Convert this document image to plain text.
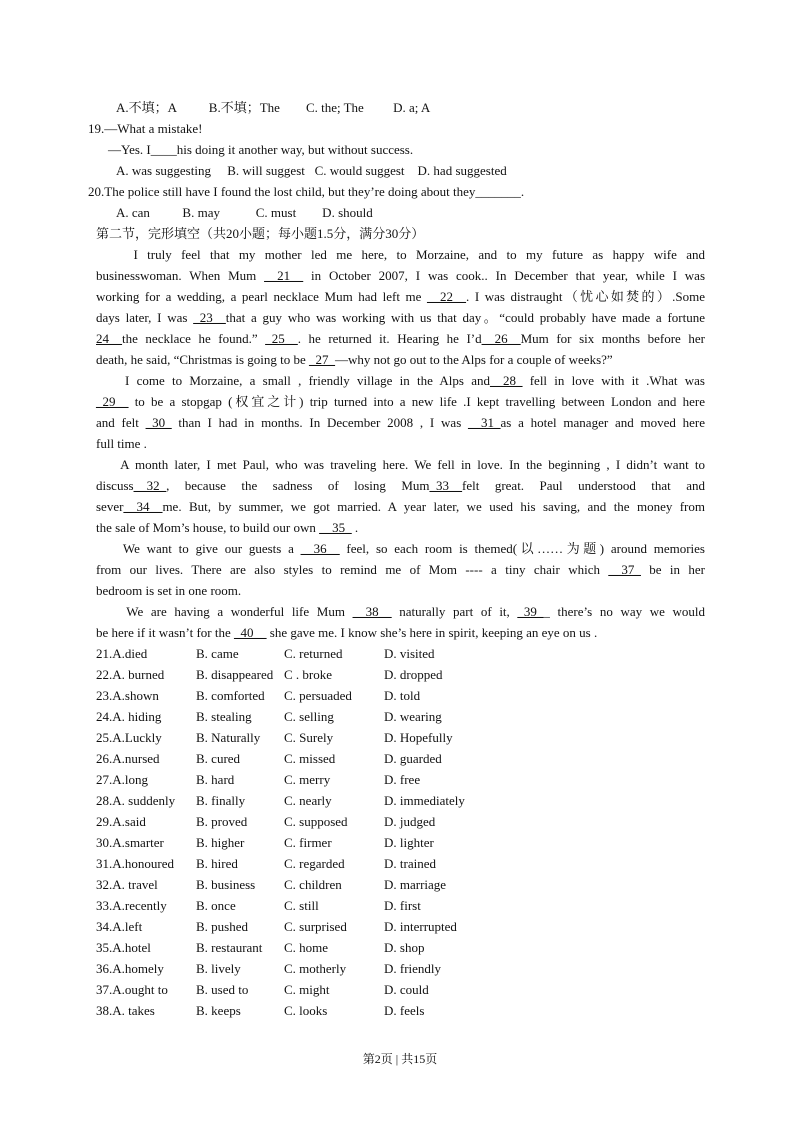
A.不填；A          B.不填；The        C. the; The         D. a; A
19.—What a mistake!
—Yes. I____his doing it another way, but without success.
A. was suggesting     B. will suggest   C. would suggest    D. had suggested
20.The police still have I found the lost child, but they’re doing about they_______.
A. can          B. may           C. must        D. should
第二节，完形填空（共20小题；每小题1.5分，满分30分）
I truly feel that my mother led me here, to Morzaine, and to my future as happy wife and
businesswoman. When Mum __21__ in October 2007, I was cook.. In December that year, while I was
working for a wedding, a pearl necklace Mum had left me __22__. I was distraught（忧心如焚的）.Some
days later, I was _23__that a guy who was working with us that day。“could probably have made a fortune
24__the necklace he found.” _25__. he returned it. Hearing he I’d__26__Mum for six months before her
death, he said, “Christmas is going to be _27_—why not go out to the Alps for a couple of weeks?”
I come to Morzaine, a small , friendly village in the Alps and__28_ fell in love with it .What was
_29__ to be a stopgap (权宜之计) trip turned into a new life .I kept travelling between London and here
and felt _30_ than I had in months. In December 2008 , I was __31_as a hotel manager and moved here
full time .
A month later, I met Paul, who was traveling here. We fell in love. In the beginning , I didn’t want to
discuss__32_, because the sadness of losing Mum_33__felt great. Paul understood that and
sever__34__me. But, by summer, we got married. A year later, we used his saving, and the money from
the sale of Mom’s house, to build our own __35_ .
We want to give our guests a __36__ feel, so each room is themed(以……为题) around memories
from our lives. There are also styles to remind me of Mom ---- a tiny chair which __37_ be in her
bedroom is set in one room.
We are having a wonderful life Mum __38__ naturally part of it, _39__ there’s no way we would
be here if it wasn’t for the _40__ she gave me. I know she’s here in spirit, keeping an eye on us .
21.A.died	B. came	C. returned	D. visited
22.A. burned B. disappeared C . broke	D. dropped
23.A.shown	B. comforted C. persuaded D. told
24.A. hiding	B. stealing C. selling	D. wearing
25.A.Luckly	B. Naturally C. Surely	D. Hopefully
26.A.nursed	B. cured	C. missed	D. guarded
27.A.long	B. hard	C. merry	D. free
28.A. suddenly B. finally	C. nearly	D. immediately
29.A.said	B. proved	C. supposed	D. judged
30.A.smarter B. higher	C. firmer	D. lighter
31.A.honoured B. hired	C. regarded	D. trained
32.A. travel	B. business C. children	D. marriage
33.A.recently B. once	C. still	D. first
34.A.left	B. pushed	C. surprised	D. interrupted
35.A.hotel	B. restaurant C. home	D. shop
36.A.homely B. lively	C. motherly	D. friendly
37.A.ought to B. used to	C. might	D. could
38.A. takes	B. keeps	C. looks	D. feels
第2页 | 共15页
